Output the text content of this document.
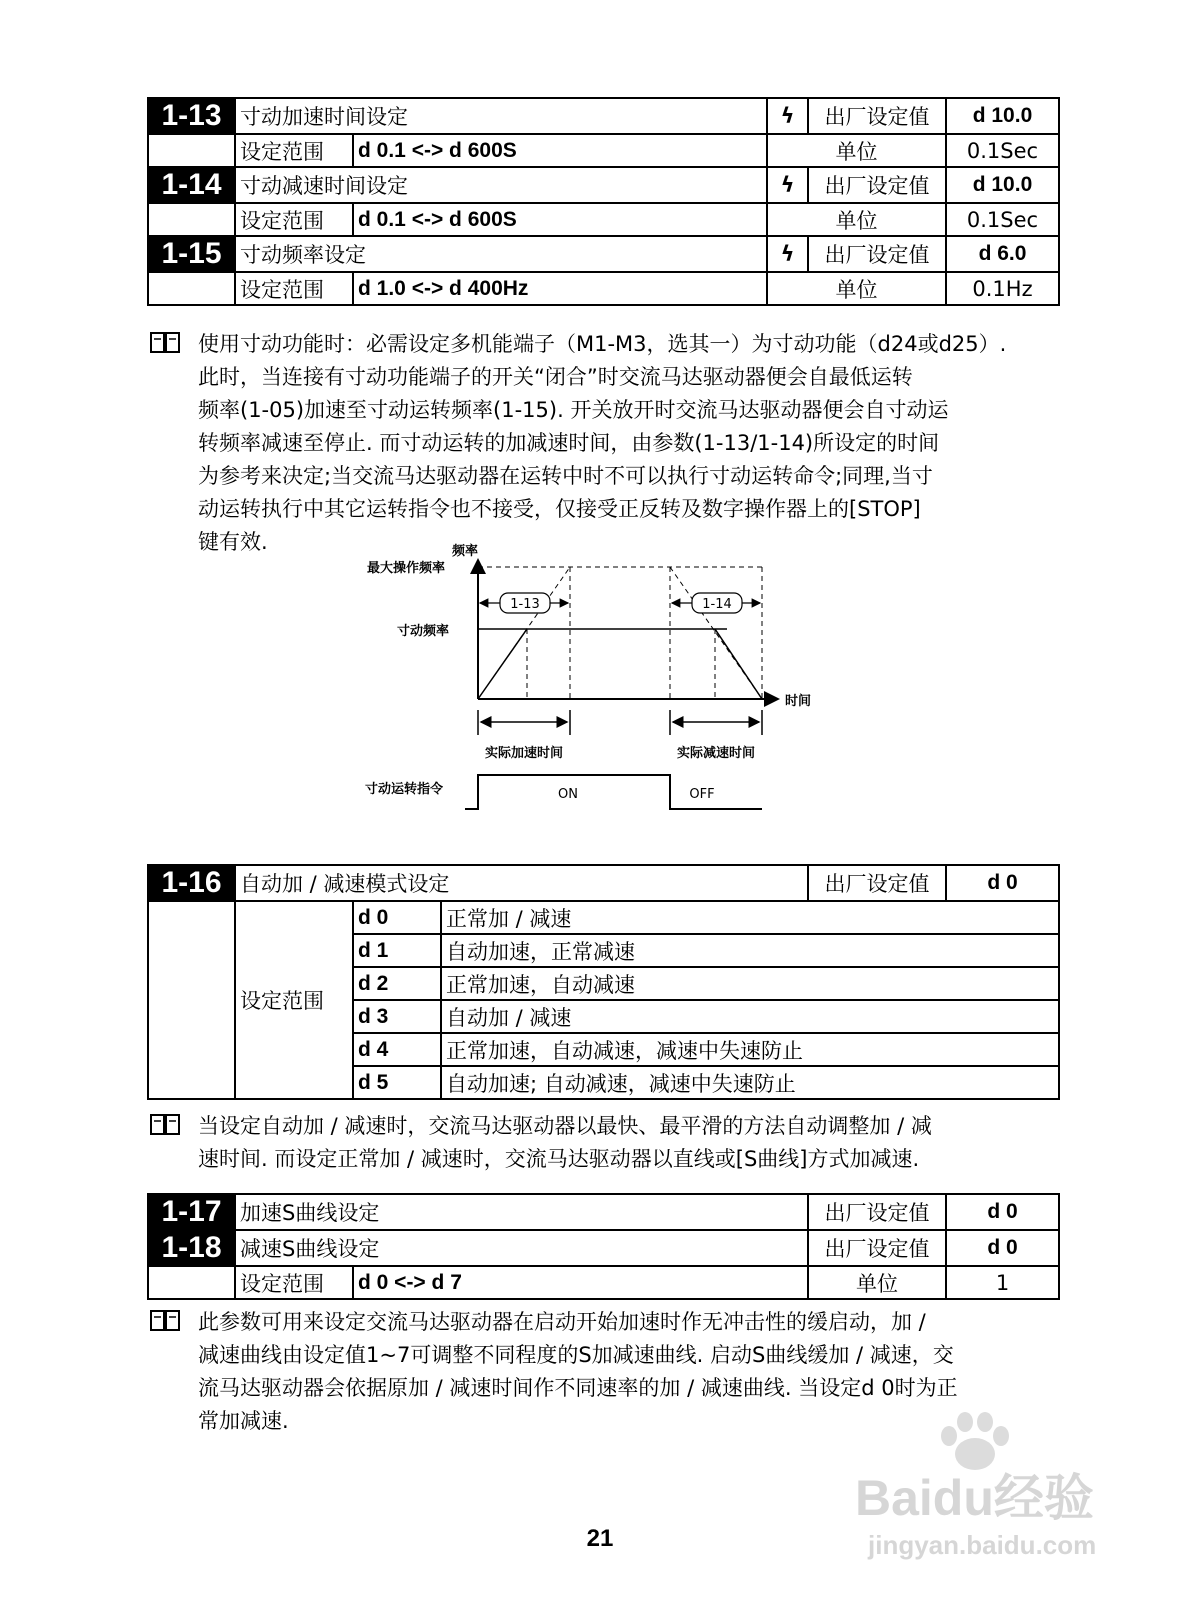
1-13	寸动加速时间设定		ϟ	出厂设定值	d 10.0
	设定范围	d 0.1 <-> d 600S	单位		0.1Sec
1-14	寸动减速时间设定		ϟ	出厂设定值	d 10.0
	设定范围	d 0.1 <-> d 600S	单位		0.1Sec
1-15	寸动频率设定		ϟ	出厂设定值	d 6.0
	设定范围	d 1.0 <-> d 400Hz	单位		0.1Hz
使用寸动功能时：必需设定多机能端子（M1-M3，选其一）为寸动功能（d24或d25）.
此时，当连接有寸动功能端子的开关“闭合”时交流马达驱动器便会自最低运转
频率(1-05)加速至寸动运转频率(1-15). 开关放开时交流马达驱动器便会自寸动运
转频率减速至停止. 而寸动运转的加减速时间，由参数(1-13/1-14)所设定的时间
为参考来决定;当交流马达驱动器在运转中时不可以执行寸动运转命令;同理,当寸
动运转执行中其它运转指令也不接受，仅接受正反转及数字操作器上的[STOP]
键有效.	频率
时间
最大操作频率
寸动频率
1-13	1-14
实际加速时间	实际减速时间
寸动运转指令	ON	OFF
1-16	自动加 / 减速模式设定			出厂设定值	d 0
	设定范围	d 0	正常加 / 减速		
		d 1	自动加速，正常减速		
		d 2	正常加速，自动减速		
		d 3	自动加 / 减速		
		d 4	正常加速，自动减速，减速中失速防止		
		d 5	自动加速; 自动减速，减速中失速防止		
当设定自动加 / 减速时，交流马达驱动器以最快、最平滑的方法自动调整加 / 减
速时间. 而设定正常加 / 减速时，交流马达驱动器以直线或[S曲线]方式加减速.
1-17	加速S曲线设定		出厂设定值	d 0
1-18	减速S曲线设定		出厂设定值	d 0
	设定范围	d 0 <-> d 7	单位	1
此参数可用来设定交流马达驱动器在启动开始加速时作无冲击性的缓启动，加 /
减速曲线由设定值1~7可调整不同程度的S加减速曲线. 启动S曲线缓加 / 减速，交
流马达驱动器会依据原加 / 减速时间作不同速率的加 / 减速曲线. 当设定d 0时为正
常加减速.
Baidu经验
jingyan.baidu.com
21
